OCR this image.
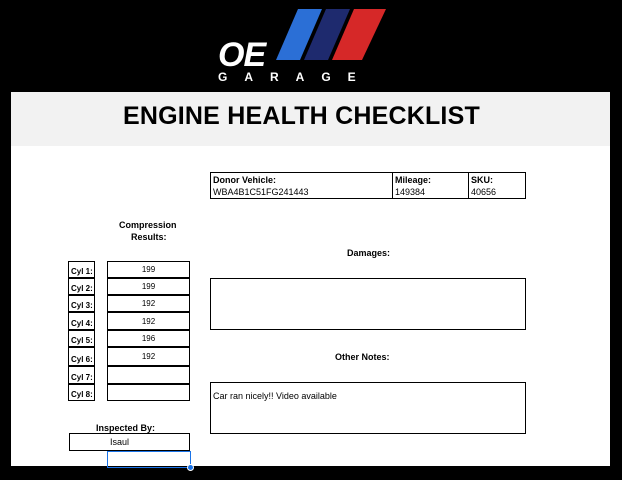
OE
GARAGE
ENGINE HEALTH CHECKLIST
Donor Vehicle:
WBA4B1C51FG241443
Mileage:
149384
SKU:
40656
Compression
Results:
Cyl 1:	199
Cyl 2:	199
Cyl 3:	192
Cyl 4:	192
Cyl 5:	196
Cyl 6:	192
Cyl 7:
Cyl 8:
Damages:
Other Notes:
Car ran nicely!! Video available
Inspected By:
Isaul
